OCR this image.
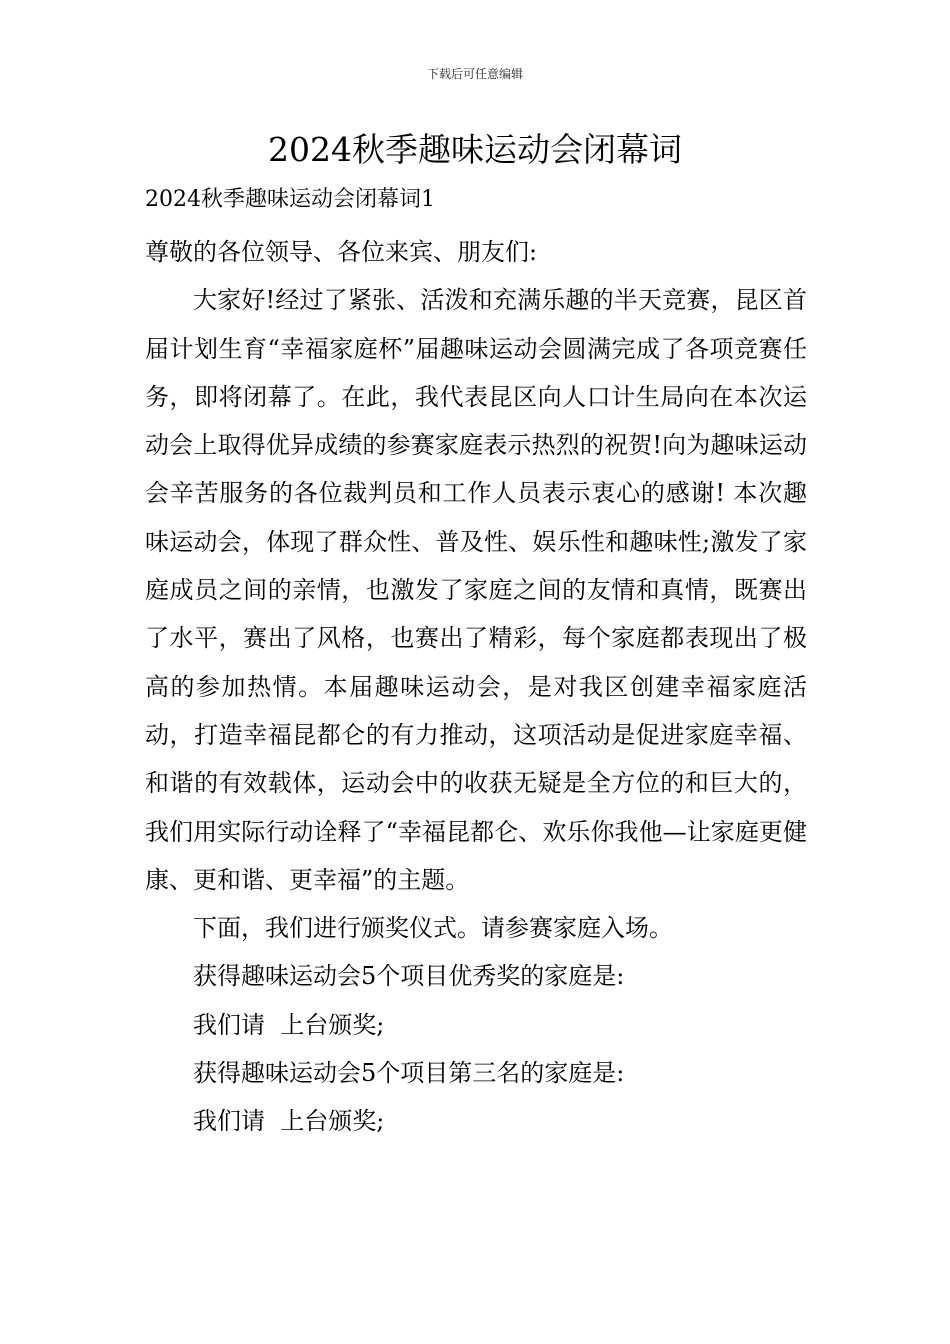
下载后可任意编辑
2024秋季趣味运动会闭幕词

2024秋季趣味运动会闭幕词1

尊敬的各位领导、各位来宾、朋友们:

大家好!经过了紧张、活泼和充满乐趣的半天竞赛，昆区首届计划生育“幸福家庭杯”届趣味运动会圆满完成了各项竞赛任务，即将闭幕了。在此，我代表昆区向人口计生局向在本次运动会上取得优异成绩的参赛家庭表示热烈的祝贺!向为趣味运动会辛苦服务的各位裁判员和工作人员表示衷心的感谢! 本次趣味运动会，体现了群众性、普及性、娱乐性和趣味性;激发了家庭成员之间的亲情，也激发了家庭之间的友情和真情，既赛出了水平，赛出了风格，也赛出了精彩，每个家庭都表现出了极高的参加热情。本届趣味运动会，是对我区创建幸福家庭活动，打造幸福昆都仑的有力推动，这项活动是促进家庭幸福、和谐的有效载体，运动会中的收获无疑是全方位的和巨大的，我们用实际行动诠释了“幸福昆都仑、欢乐你我他—让家庭更健康、更和谐、更幸福”的主题。

下面，我们进行颁奖仪式。请参赛家庭入场。

获得趣味运动会5个项目优秀奖的家庭是:

我们请  上台颁奖;

获得趣味运动会5个项目第三名的家庭是:

我们请  上台颁奖;
